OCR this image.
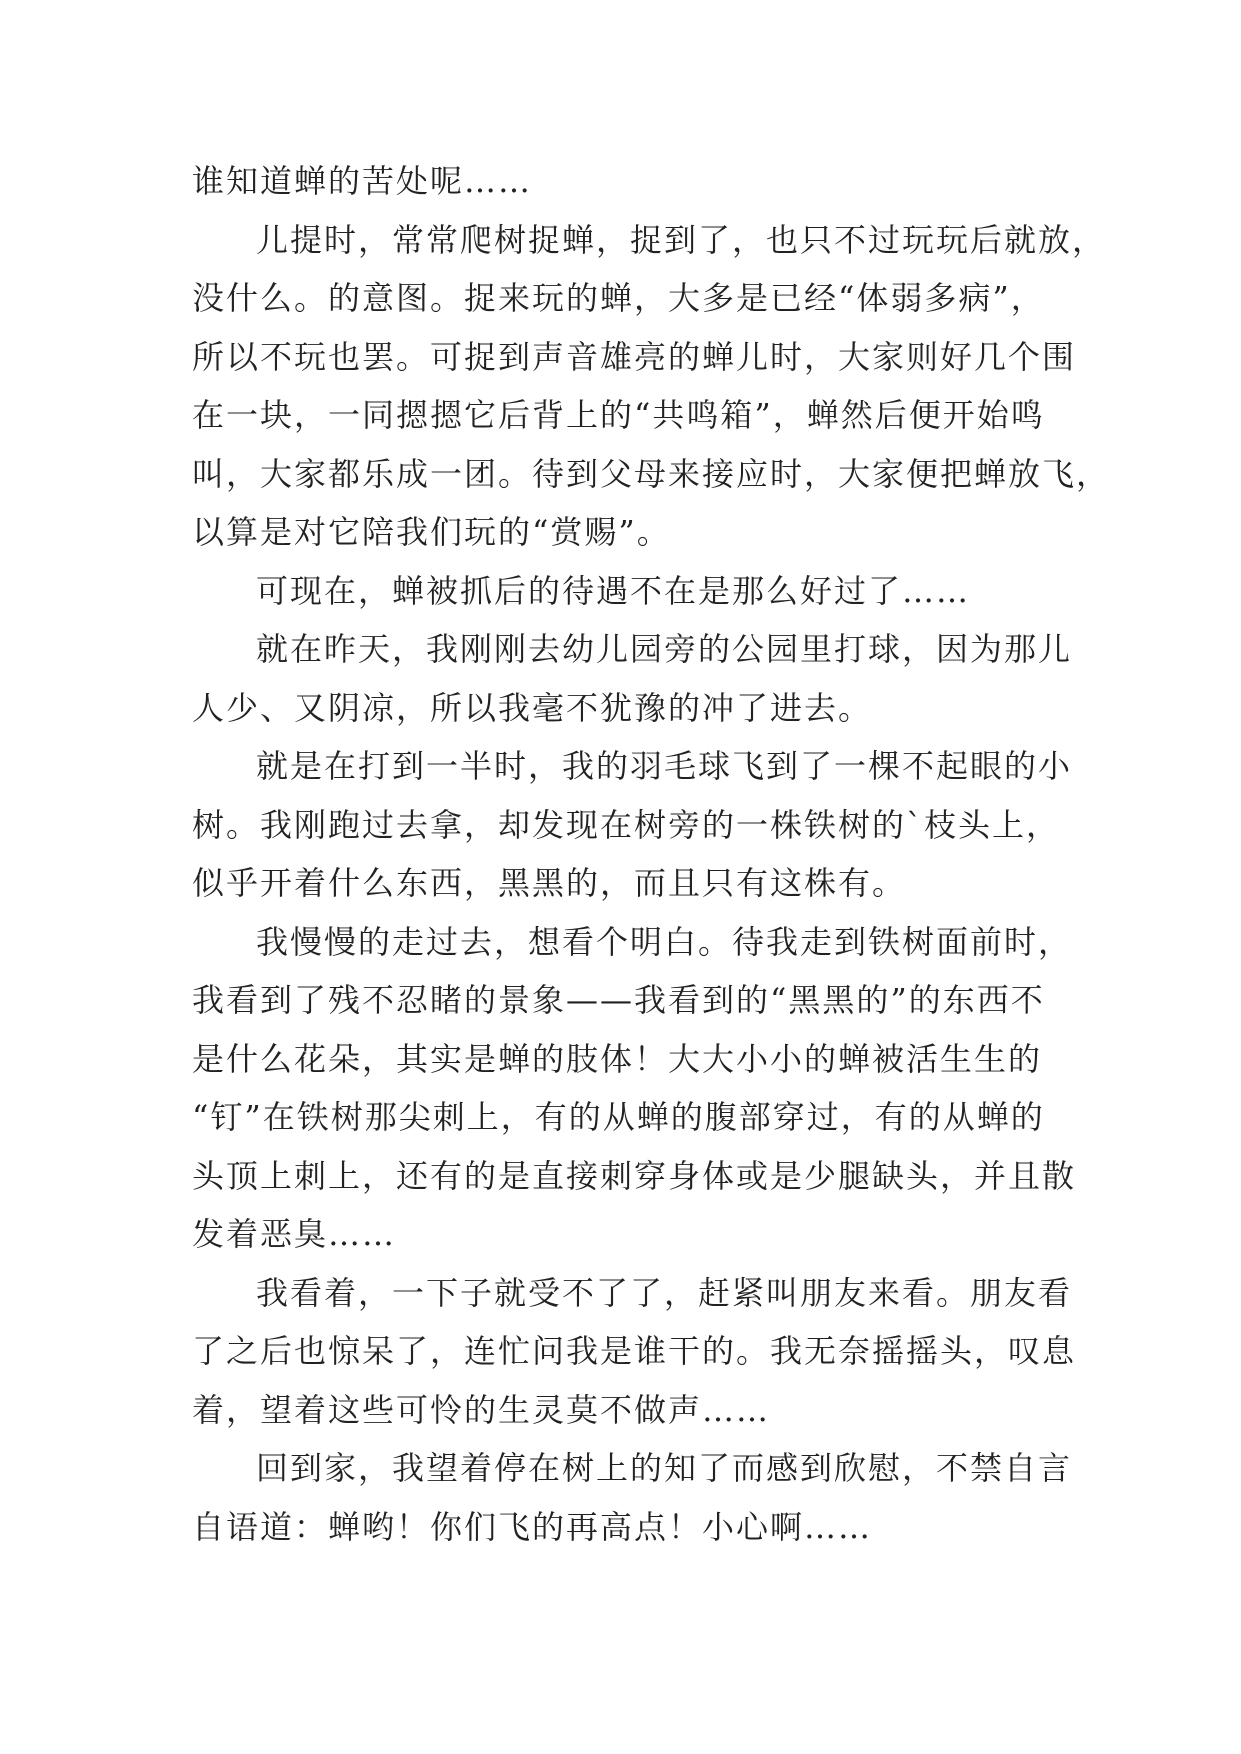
谁知道蝉的苦处呢……
儿提时，常常爬树捉蝉，捉到了，也只不过玩玩后就放，
没什么。的意图。捉来玩的蝉，大多是已经“体弱多病”，
所以不玩也罢。可捉到声音雄亮的蝉儿时，大家则好几个围
在一块，一同摁摁它后背上的“共鸣箱”，蝉然后便开始鸣
叫，大家都乐成一团。待到父母来接应时，大家便把蝉放飞，
以算是对它陪我们玩的“赏赐”。
可现在，蝉被抓后的待遇不在是那么好过了……
就在昨天，我刚刚去幼儿园旁的公园里打球，因为那儿
人少、又阴凉，所以我毫不犹豫的冲了进去。
就是在打到一半时，我的羽毛球飞到了一棵不起眼的小
树。我刚跑过去拿，却发现在树旁的一株铁树的`枝头上，
似乎开着什么东西，黑黑的，而且只有这株有。
我慢慢的走过去，想看个明白。待我走到铁树面前时，
我看到了残不忍睹的景象——我看到的“黑黑的”的东西不
是什么花朵，其实是蝉的肢体！大大小小的蝉被活生生的
“钉”在铁树那尖刺上，有的从蝉的腹部穿过，有的从蝉的
头顶上刺上，还有的是直接刺穿身体或是少腿缺头，并且散
发着恶臭……
我看着，一下子就受不了了，赶紧叫朋友来看。朋友看
了之后也惊呆了，连忙问我是谁干的。我无奈摇摇头，叹息
着，望着这些可怜的生灵莫不做声……
回到家，我望着停在树上的知了而感到欣慰，不禁自言
自语道：蝉哟！你们飞的再高点！小心啊……
